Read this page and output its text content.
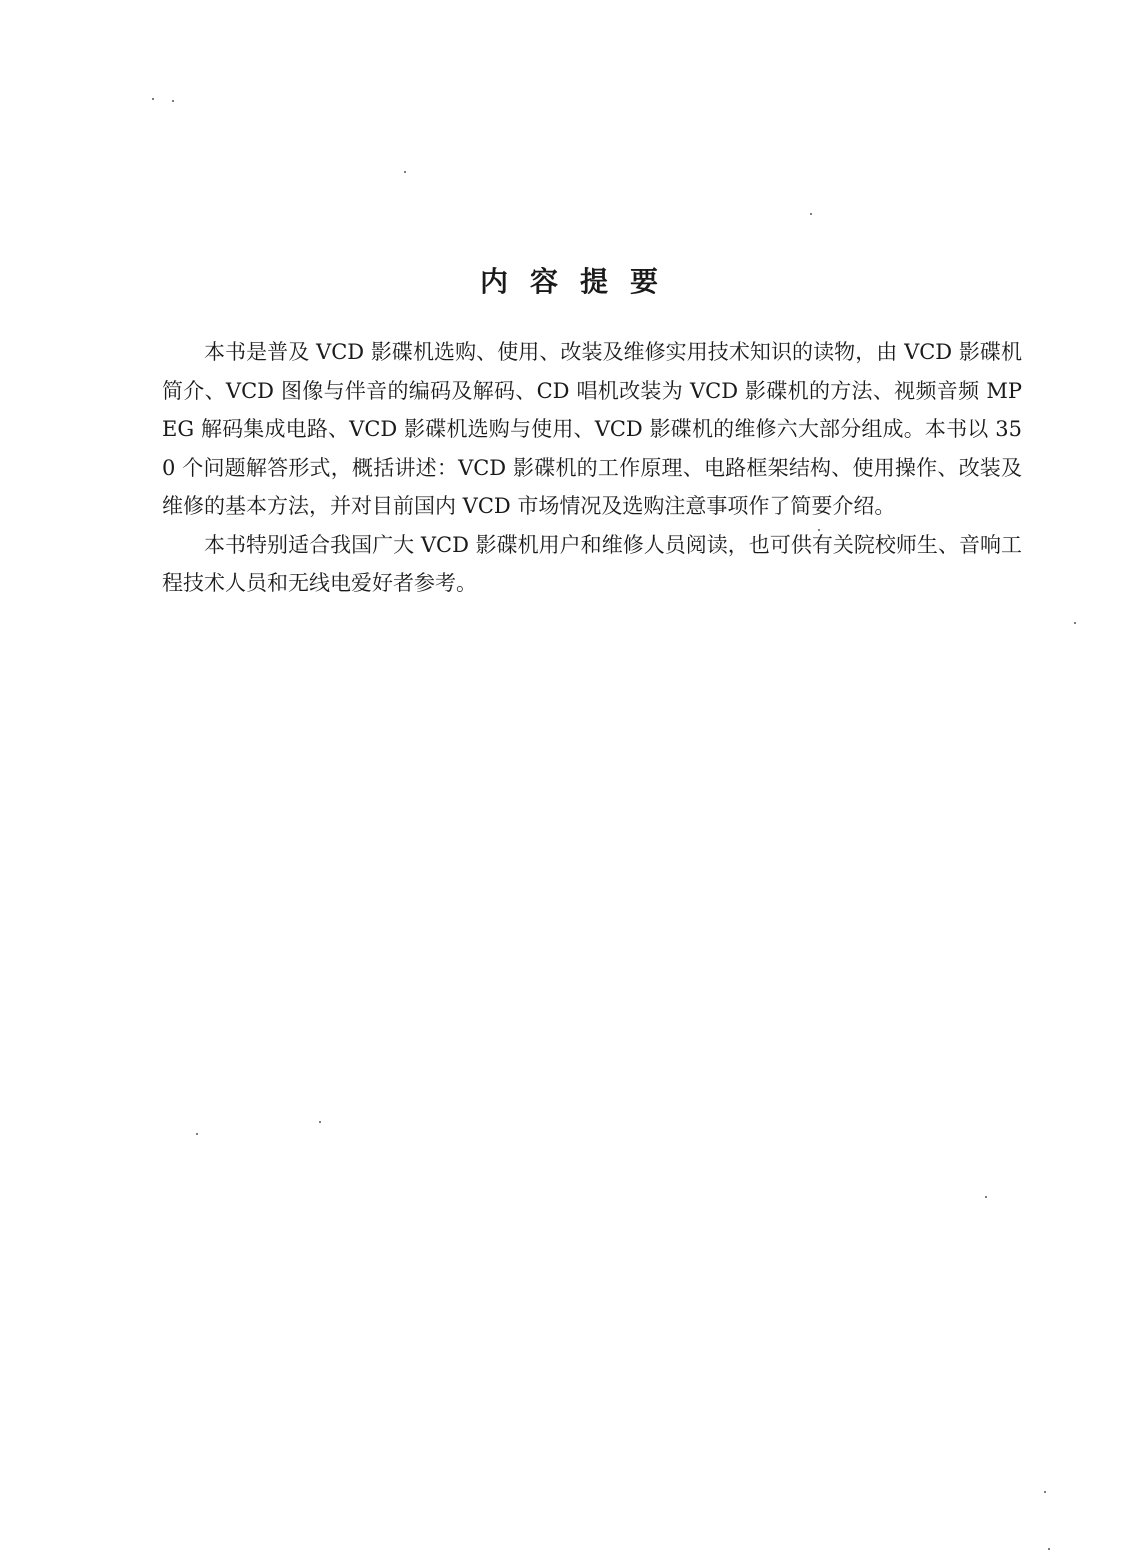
内容提要

本书是普及 VCD 影碟机选购、使用、改装及维修实用技术知识的读物，由 VCD 影碟机简介、VCD 图像与伴音的编码及解码、CD 唱机改装为 VCD 影碟机的方法、视频音频 MPEG 解码集成电路、VCD 影碟机选购与使用、VCD 影碟机的维修六大部分组成。本书以 350 个问题解答形式，概括讲述：VCD 影碟机的工作原理、电路框架结构、使用操作、改装及维修的基本方法，并对目前国内 VCD 市场情况及选购注意事项作了简要介绍。

本书特别适合我国广大 VCD 影碟机用户和维修人员阅读，也可供有关院校师生、音响工程技术人员和无线电爱好者参考。
